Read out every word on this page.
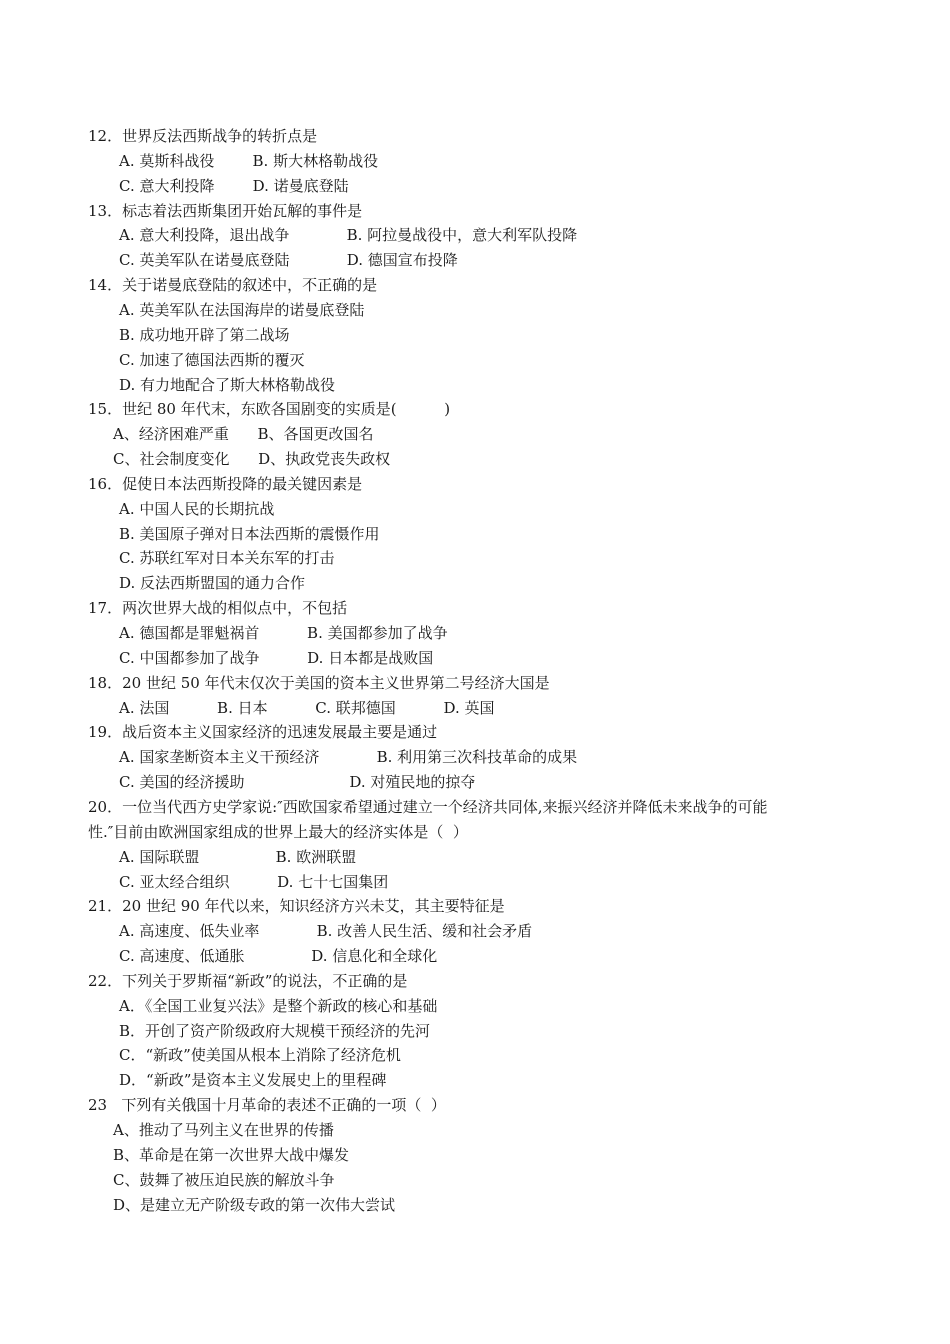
12．世界反法西斯战争的转折点是
A. 莫斯科战役        B. 斯大林格勒战役
C. 意大利投降        D. 诺曼底登陆
13．标志着法西斯集团开始瓦解的事件是
A. 意大利投降，退出战争            B. 阿拉曼战役中，意大利军队投降
C. 英美军队在诺曼底登陆            D. 德国宣布投降
14．关于诺曼底登陆的叙述中，不正确的是
A. 英美军队在法国海岸的诺曼底登陆
B. 成功地开辟了第二战场
C. 加速了德国法西斯的覆灭
D. 有力地配合了斯大林格勒战役
15．世纪 80 年代末，东欧各国剧变的实质是(          )
A、经济困难严重      B、各国更改国名
C、社会制度变化      D、执政党丧失政权
16．促使日本法西斯投降的最关键因素是
A. 中国人民的长期抗战
B. 美国原子弹对日本法西斯的震慑作用
C. 苏联红军对日本关东军的打击
D. 反法西斯盟国的通力合作
17．两次世界大战的相似点中，不包括
A. 德国都是罪魁祸首          B. 美国都参加了战争
C. 中国都参加了战争          D. 日本都是战败国
18．20 世纪 50 年代末仅次于美国的资本主义世界第二号经济大国是
A. 法国          B. 日本          C. 联邦德国          D. 英国
19．战后资本主义国家经济的迅速发展最主要是通过
A. 国家垄断资本主义干预经济            B. 利用第三次科技革命的成果
C. 美国的经济援助                      D. 对殖民地的掠夺
20．一位当代西方史学家说:″西欧国家希望通过建立一个经济共同体,来振兴经济并降低未来战争的可能
性.″目前由欧洲国家组成的世界上最大的经济实体是（  ）
A. 国际联盟                B. 欧洲联盟
C. 亚太经合组织          D. 七十七国集团
21．20 世纪 90 年代以来，知识经济方兴未艾，其主要特征是
A. 高速度、低失业率            B. 改善人民生活、缓和社会矛盾
C. 高速度、低通胀              D. 信息化和全球化
22．下列关于罗斯福“新政”的说法，不正确的是
A．《全国工业复兴法》是整个新政的核心和基础
B．开创了资产阶级政府大规模干预经济的先河
C．“新政”使美国从根本上消除了经济危机
D．“新政”是资本主义发展史上的里程碑
23   下列有关俄国十月革命的表述不正确的一项（  ）
A、推动了马列主义在世界的传播
B、革命是在第一次世界大战中爆发
C、鼓舞了被压迫民族的解放斗争
D、是建立无产阶级专政的第一次伟大尝试
